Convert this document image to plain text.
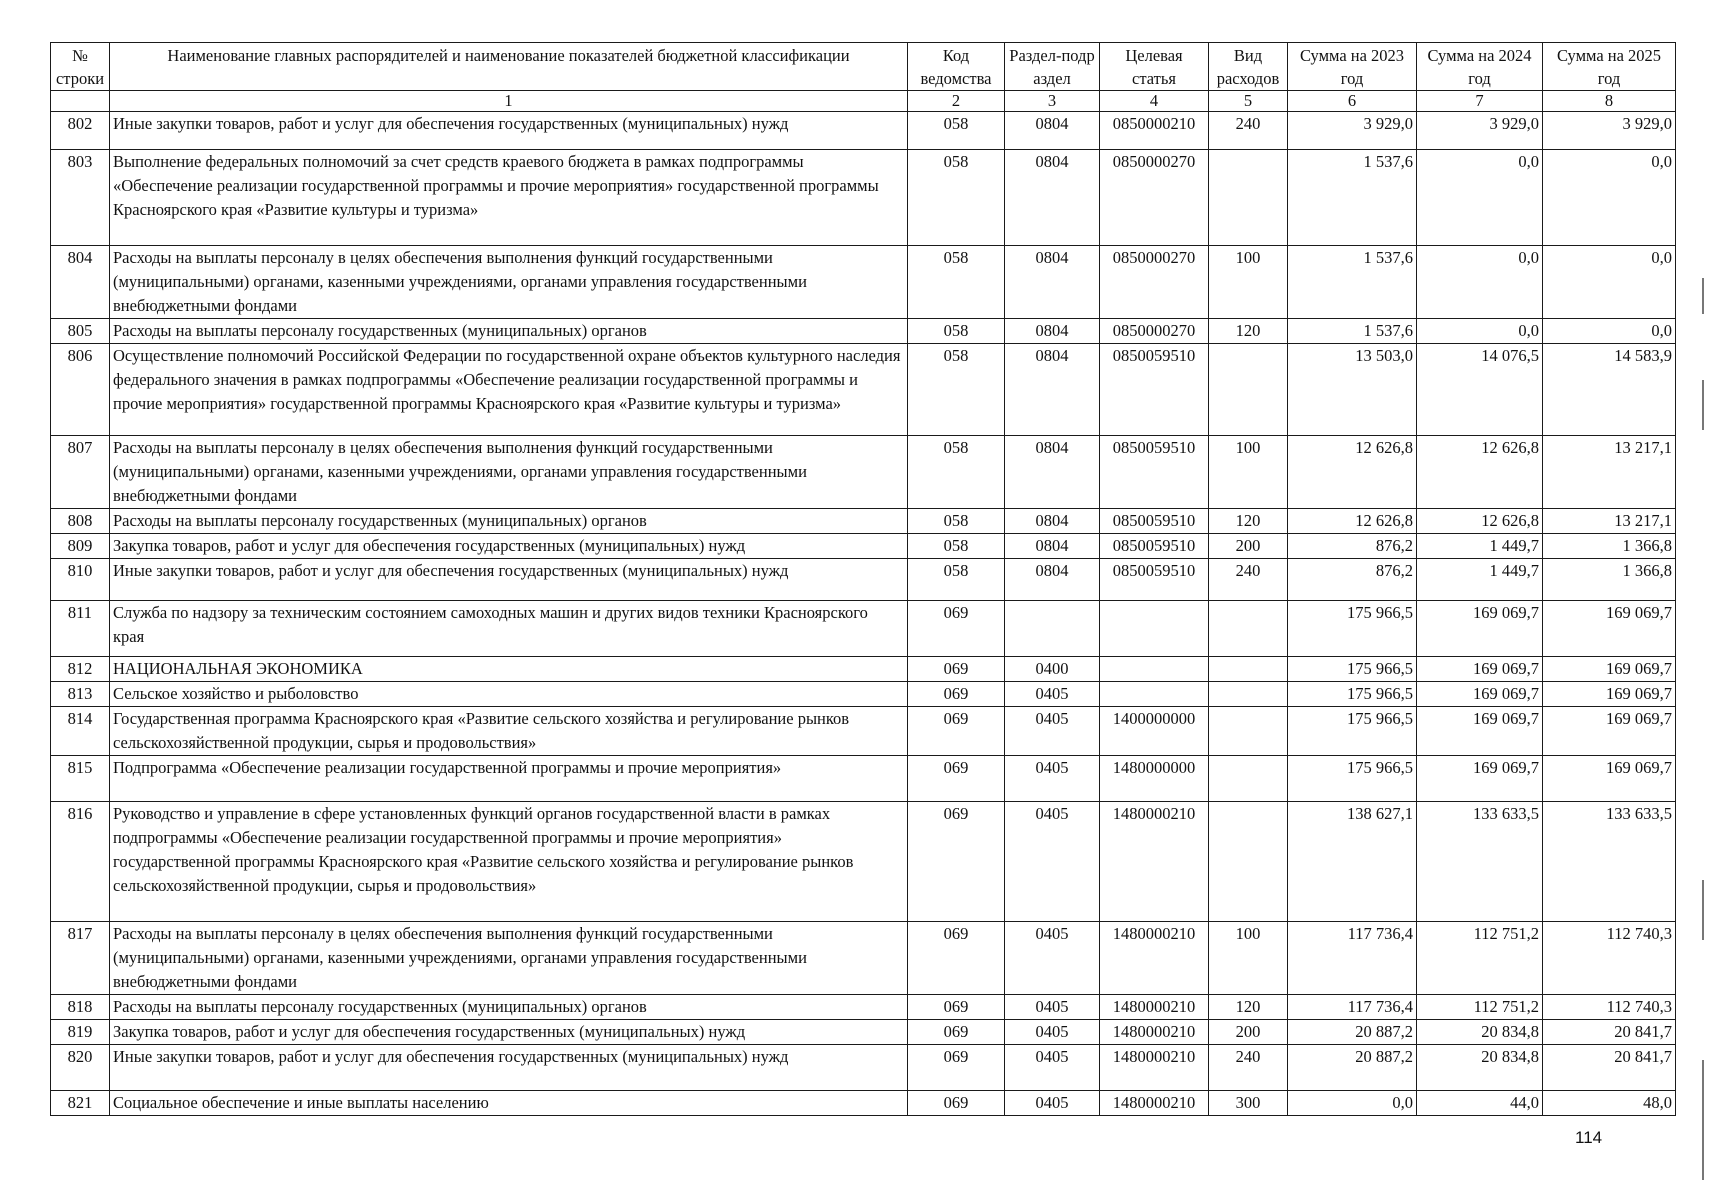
№ строки	Наименование главных распорядителей и наименование показателей бюджетной классификации	Код ведомства	Раздел-подраздел	Целевая статья	Вид расходов	Сумма на 2023 год	Сумма на 2024 год	Сумма на 2025 год
	1	2	3	4	5	6	7	8
802	Иные закупки товаров, работ и услуг для обеспечения государственных (муниципальных) нужд	058	0804	0850000210	240	3 929,0	3 929,0	3 929,0
803	Выполнение федеральных полномочий за счет средств краевого бюджета в рамках подпрограммы «Обеспечение реализации государственной программы и прочие мероприятия» государственной программы Красноярского края «Развитие культуры и туризма»	058	0804	0850000270		1 537,6	0,0	0,0
804	Расходы на выплаты персоналу в целях обеспечения выполнения функций государственными (муниципальными) органами, казенными учреждениями, органами управления государственными внебюджетными фондами	058	0804	0850000270	100	1 537,6	0,0	0,0
805	Расходы на выплаты персоналу государственных (муниципальных) органов	058	0804	0850000270	120	1 537,6	0,0	0,0
806	Осуществление полномочий Российской Федерации по государственной охране объектов культурного наследия федерального значения в рамках подпрограммы «Обеспечение реализации государственной программы и прочие мероприятия» государственной программы Красноярского края «Развитие культуры и туризма»	058	0804	0850059510		13 503,0	14 076,5	14 583,9
807	Расходы на выплаты персоналу в целях обеспечения выполнения функций государственными (муниципальными) органами, казенными учреждениями, органами управления государственными внебюджетными фондами	058	0804	0850059510	100	12 626,8	12 626,8	13 217,1
808	Расходы на выплаты персоналу государственных (муниципальных) органов	058	0804	0850059510	120	12 626,8	12 626,8	13 217,1
809	Закупка товаров, работ и услуг для обеспечения государственных (муниципальных) нужд	058	0804	0850059510	200	876,2	1 449,7	1 366,8
810	Иные закупки товаров, работ и услуг для обеспечения государственных (муниципальных) нужд	058	0804	0850059510	240	876,2	1 449,7	1 366,8
811	Служба по надзору за техническим состоянием самоходных машин и других видов техники Красноярского края	069				175 966,5	169 069,7	169 069,7
812	НАЦИОНАЛЬНАЯ ЭКОНОМИКА	069	0400			175 966,5	169 069,7	169 069,7
813	Сельское хозяйство и рыболовство	069	0405			175 966,5	169 069,7	169 069,7
814	Государственная программа Красноярского края «Развитие сельского хозяйства и регулирование рынков сельскохозяйственной продукции, сырья и продовольствия»	069	0405	1400000000		175 966,5	169 069,7	169 069,7
815	Подпрограмма «Обеспечение реализации государственной программы и прочие мероприятия»	069	0405	1480000000		175 966,5	169 069,7	169 069,7
816	Руководство и управление в сфере установленных функций органов государственной власти в рамках подпрограммы «Обеспечение реализации государственной программы и прочие мероприятия» государственной программы Красноярского края «Развитие сельского хозяйства и регулирование рынков сельскохозяйственной продукции, сырья и продовольствия»	069	0405	1480000210		138 627,1	133 633,5	133 633,5
817	Расходы на выплаты персоналу в целях обеспечения выполнения функций государственными (муниципальными) органами, казенными учреждениями, органами управления государственными внебюджетными фондами	069	0405	1480000210	100	117 736,4	112 751,2	112 740,3
818	Расходы на выплаты персоналу государственных (муниципальных) органов	069	0405	1480000210	120	117 736,4	112 751,2	112 740,3
819	Закупка товаров, работ и услуг для обеспечения государственных (муниципальных) нужд	069	0405	1480000210	200	20 887,2	20 834,8	20 841,7
820	Иные закупки товаров, работ и услуг для обеспечения государственных (муниципальных) нужд	069	0405	1480000210	240	20 887,2	20 834,8	20 841,7
821	Социальное обеспечение и иные выплаты населению	069	0405	1480000210	300	0,0	44,0	48,0
114
